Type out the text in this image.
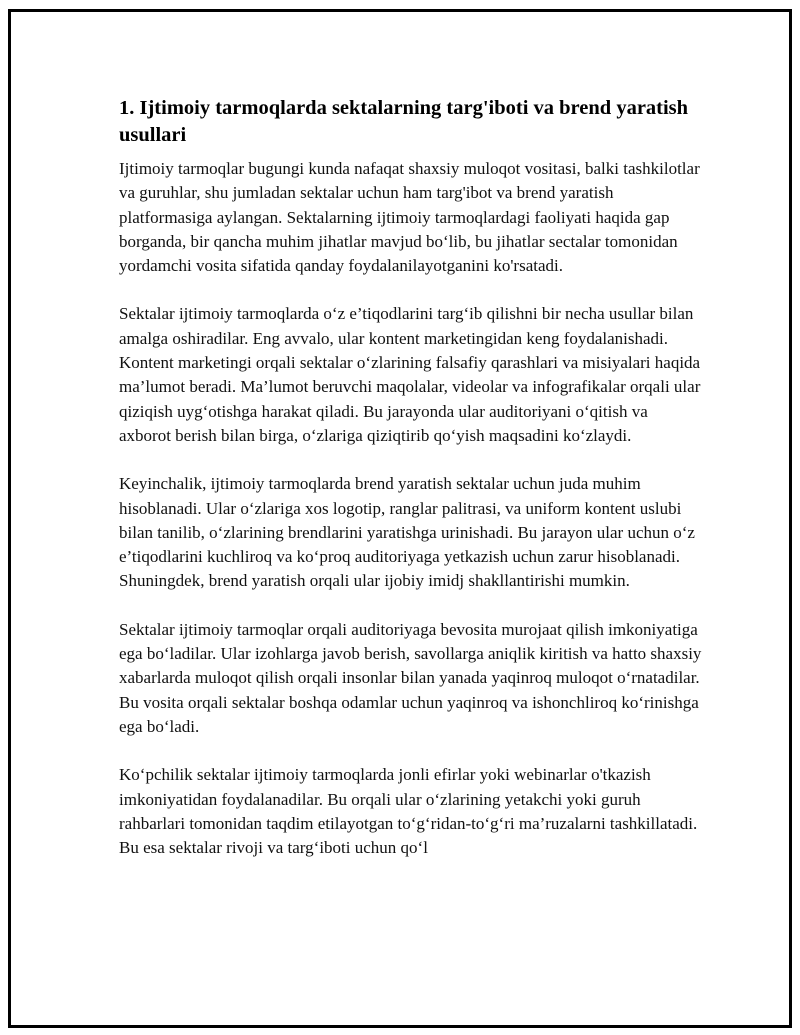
1. Ijtimoiy tarmoqlarda sektalarning targ'iboti va brend yaratish usullari

Ijtimoiy tarmoqlar bugungi kunda nafaqat shaxsiy muloqot vositasi, balki tashkilotlar va guruhlar, shu jumladan sektalar uchun ham targ'ibot va brend yaratish platformasiga aylangan. Sektalarning ijtimoiy tarmoqlardagi faoliyati haqida gap borganda, bir qancha muhim jihatlar mavjud bo‘lib, bu jihatlar sectalar tomonidan yordamchi vosita sifatida qanday foydalanilayotganini ko'rsatadi.

Sektalar ijtimoiy tarmoqlarda o‘z e’tiqodlarini targ‘ib qilishni bir necha usullar bilan amalga oshiradilar. Eng avvalo, ular kontent marketingidan keng foydalanishadi. Kontent marketingi orqali sektalar o‘zlarining falsafiy qarashlari va misiyalari haqida ma’lumot beradi. Ma’lumot beruvchi maqolalar, videolar va infografikalar orqali ular qiziqish uyg‘otishga harakat qiladi. Bu jarayonda ular auditoriyani o‘qitish va axborot berish bilan birga, o‘zlariga qiziqtirib qo‘yish maqsadini ko‘zlaydi.

Keyinchalik, ijtimoiy tarmoqlarda brend yaratish sektalar uchun juda muhim hisoblanadi. Ular o‘zlariga xos logotip, ranglar palitrasi, va uniform kontent uslubi bilan tanilib, o‘zlarining brendlarini yaratishga urinishadi. Bu jarayon ular uchun o‘z e’tiqodlarini kuchliroq va ko‘proq auditoriyaga yetkazish uchun zarur hisoblanadi. Shuningdek, brend yaratish orqali ular ijobiy imidj shakllantirishi mumkin.

Sektalar ijtimoiy tarmoqlar orqali auditoriyaga bevosita murojaat qilish imkoniyatiga ega bo‘ladilar. Ular izohlarga javob berish, savollarga aniqlik kiritish va hatto shaxsiy xabarlarda muloqot qilish orqali insonlar bilan yanada yaqinroq muloqot o‘rnatadilar. Bu vosita orqali sektalar boshqa odamlar uchun yaqinroq va ishonchliroq ko‘rinishga ega bo‘ladi.

Ko‘pchilik sektalar ijtimoiy tarmoqlarda jonli efirlar yoki webinarlar o'tkazish imkoniyatidan foydalanadilar. Bu orqali ular o‘zlarining yetakchi yoki guruh rahbarlari tomonidan taqdim etilayotgan to‘g‘ridan-to‘g‘ri ma’ruzalarni tashkillatadi. Bu esa sektalar rivoji va targ‘iboti uchun qo‘l
